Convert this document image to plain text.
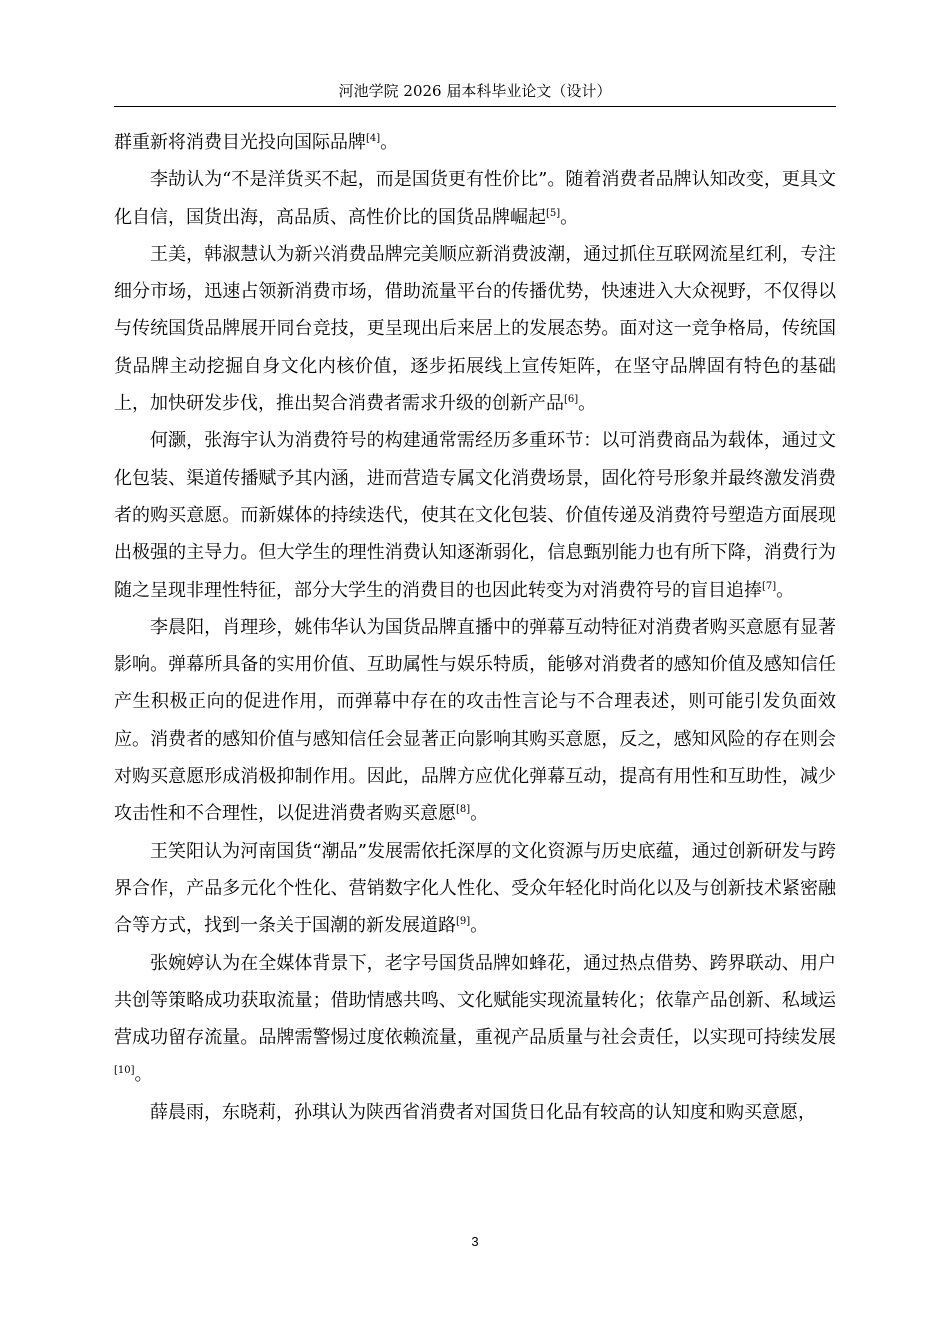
河池学院 2026 届本科毕业论文（设计）

群重新将消费目光投向国际品牌[4]。

李劼认为“不是洋货买不起，而是国货更有性价比”。随着消费者品牌认知改变，更具文化自信，国货出海，高品质、高性价比的国货品牌崛起[5]。

王美，韩淑慧认为新兴消费品牌完美顺应新消费波潮，通过抓住互联网流星红利，专注细分市场，迅速占领新消费市场，借助流量平台的传播优势，快速进入大众视野，不仅得以与传统国货品牌展开同台竞技，更呈现出后来居上的发展态势。面对这一竞争格局，传统国货品牌主动挖掘自身文化内核价值，逐步拓展线上宣传矩阵，在坚守品牌固有特色的基础上，加快研发步伐，推出契合消费者需求升级的创新产品[6]。

何灏，张海宇认为消费符号的构建通常需经历多重环节：以可消费商品为载体，通过文化包装、渠道传播赋予其内涵，进而营造专属文化消费场景，固化符号形象并最终激发消费者的购买意愿。而新媒体的持续迭代，使其在文化包装、价值传递及消费符号塑造方面展现出极强的主导力。但大学生的理性消费认知逐渐弱化，信息甄别能力也有所下降，消费行为随之呈现非理性特征，部分大学生的消费目的也因此转变为对消费符号的盲目追捧[7]。

李晨阳，肖理珍，姚伟华认为国货品牌直播中的弹幕互动特征对消费者购买意愿有显著影响。弹幕所具备的实用价值、互助属性与娱乐特质，能够对消费者的感知价值及感知信任产生积极正向的促进作用，而弹幕中存在的攻击性言论与不合理表述，则可能引发负面效应。消费者的感知价值与感知信任会显著正向影响其购买意愿，反之，感知风险的存在则会对购买意愿形成消极抑制作用。因此，品牌方应优化弹幕互动，提高有用性和互助性，减少攻击性和不合理性，以促进消费者购买意愿[8]。

王笑阳认为河南国货“潮品”发展需依托深厚的文化资源与历史底蕴，通过创新研发与跨界合作，产品多元化个性化、营销数字化人性化、受众年轻化时尚化以及与创新技术紧密融合等方式，找到一条关于国潮的新发展道路[9]。

张婉婷认为在全媒体背景下，老字号国货品牌如蜂花，通过热点借势、跨界联动、用户共创等策略成功获取流量；借助情感共鸣、文化赋能实现流量转化；依靠产品创新、私域运营成功留存流量。品牌需警惕过度依赖流量，重视产品质量与社会责任，以实现可持续发展[10]。

薛晨雨，东晓莉，孙琪认为陕西省消费者对国货日化品有较高的认知度和购买意愿，

3
